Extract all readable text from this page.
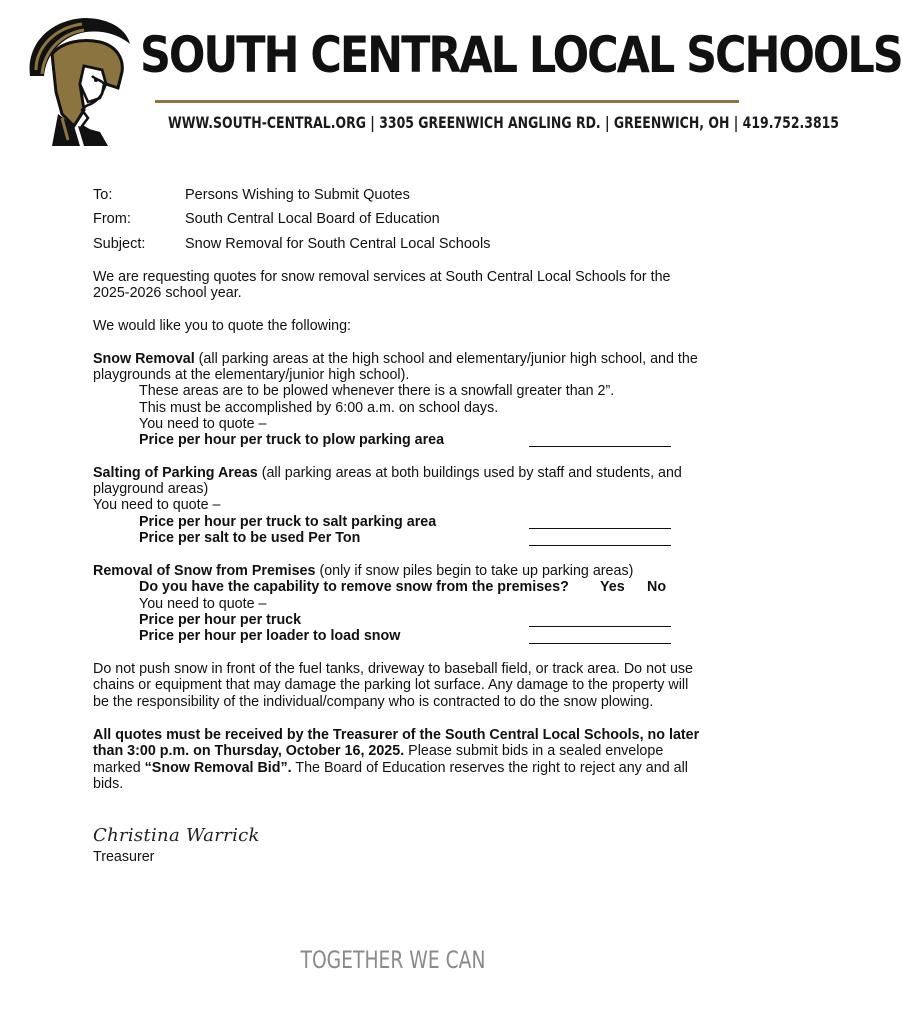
SOUTH CENTRAL LOCAL SCHOOLS

WWW.SOUTH-CENTRAL.ORG | 3305 GREENWICH ANGLING RD. | GREENWICH, OH | 419.752.3815

To:	Persons Wishing to Submit Quotes
From:	South Central Local Board of Education
Subject:	Snow Removal for South Central Local Schools

We are requesting quotes for snow removal services at South Central Local Schools for the 2025-2026 school year.

We would like you to quote the following:

Snow Removal (all parking areas at the high school and elementary/junior high school, and the playgrounds at the elementary/junior high school).

These areas are to be plowed whenever there is a snowfall greater than 2”.

This must be accomplished by 6:00 a.m. on school days.

You need to quote –

Price per hour per truck to plow parking area

Salting of Parking Areas (all parking areas at both buildings used by staff and students, and playground areas)

You need to quote –

Price per hour per truck to salt parking area

Price per salt to be used Per Ton

Removal of Snow from Premises (only if snow piles begin to take up parking areas)

Do you have the capability to remove snow from the premises? Yes No

You need to quote –

Price per hour per truck

Price per hour per loader to load snow

Do not push snow in front of the fuel tanks, driveway to baseball field, or track area. Do not use chains or equipment that may damage the parking lot surface. Any damage to the property will be the responsibility of the individual/company who is contracted to do the snow plowing.

All quotes must be received by the Treasurer of the South Central Local Schools, no later than 3:00 p.m. on Thursday, October 16, 2025. Please submit bids in a sealed envelope marked “Snow Removal Bid”. The Board of Education reserves the right to reject any and all bids.

Christina Warrick

Treasurer

TOGETHER WE CAN
